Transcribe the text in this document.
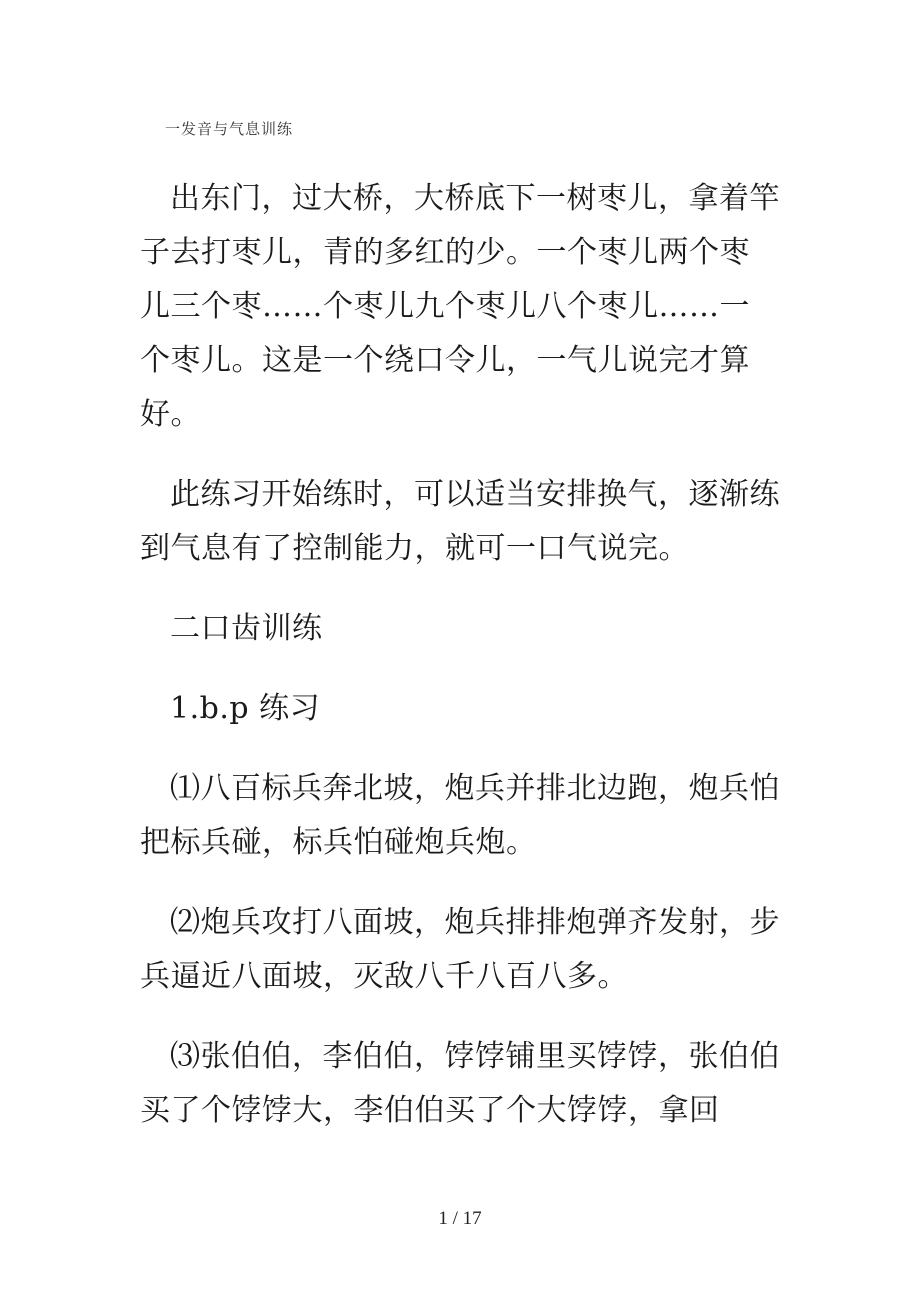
一发音与气息训练

出东门，过大桥，大桥底下一树枣儿，拿着竿子去打枣儿，青的多红的少。一个枣儿两个枣儿三个枣……个枣儿九个枣儿八个枣儿……一个枣儿。这是一个绕口令儿，一气儿说完才算好。

此练习开始练时，可以适当安排换气，逐渐练到气息有了控制能力，就可一口气说完。

二口齿训练

1.b.p 练习

⑴八百标兵奔北坡，炮兵并排北边跑，炮兵怕把标兵碰，标兵怕碰炮兵炮。

⑵炮兵攻打八面坡，炮兵排排炮弹齐发射，步兵逼近八面坡，灭敌八千八百八多。

⑶张伯伯，李伯伯，饽饽铺里买饽饽，张伯伯买了个饽饽大，李伯伯买了个大饽饽，拿回

1 / 17
